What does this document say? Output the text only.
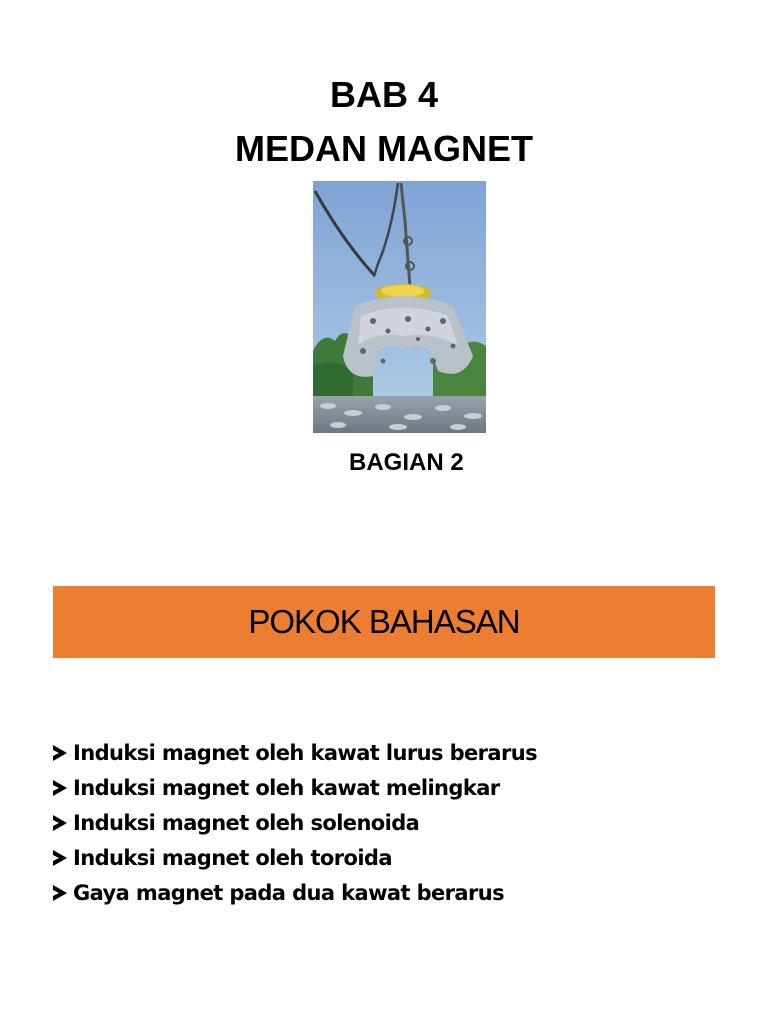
BAB 4
MEDAN MAGNET
BAGIAN 2
POKOK BAHASAN
Induksi magnet oleh kawat lurus berarus
Induksi magnet oleh kawat melingkar
Induksi magnet oleh solenoida
Induksi magnet oleh toroida
Gaya magnet pada dua kawat berarus
